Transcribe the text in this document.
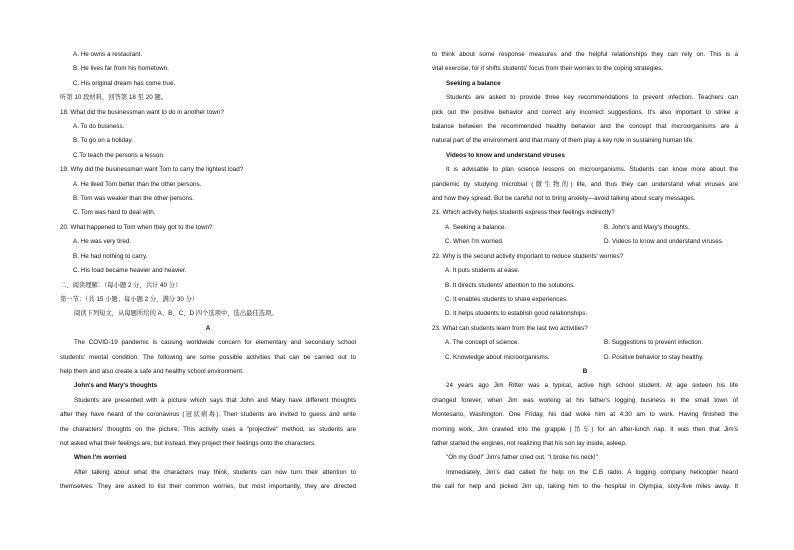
A. He owns a restaurant.
B. He lives far from his hometown.
C. His original dream has come true.
听第 10 段材料，回答第 18 至 20 题。
18. What did the businessman want to do in another town?
A. To do business.
B. To go on a holiday.
C.To teach the persons a lesson.
19. Why did the businessman want Tom to carry the lightest load?
A. He liked Tom better than the other persons.
B. Tom was weaker than the other persons.
C. Tom was hard to deal with.
20. What happened to Tom when they got to the town?
A. He was very tired.
B. He had nothing to carry.
C. His load became heavier and heavier.
二、阅读理解：（每小题 2 分，共计 40 分）
第一节：（共 15 小题；每小题 2 分，满分 30 分）
阅读下列短文，从每题所给的 A、B、C、D 四个选项中，选出最佳选项。
A
The COVID-19 pandemic is causing worldwide concern for elementary and secondary school
students' mental condition. The following are some possible activities that can be carried out to
help them and also create a safe and healthy school environment.
John's and Mary's thoughts
Students are presented with a picture which says that John and Mary have different thoughts
after they have heard of the coronavirus (冠状病毒). Then students are invited to guess and write
the characters' thoughts on the picture. This activity uses a "projective" method, as students are
not asked what their feelings are, but instead, they project their feelings onto the characters.
When I'm worried
After talking about what the characters may think, students can now turn their attention to
themselves. They are asked to list their common worries, but most importantly, they are directed
to think about some response measures and the helpful relationships they can rely on. This is a
vital exercise, for it shifts students' focus from their worries to the coping strategies.
Seeking a balance
Students are asked to provide three key recommendations to prevent infection. Teachers can
pick out the positive behavior and correct any incorrect suggestions. It's also important to strike a
balance between the recommended healthy behavior and the concept that microorganisms are a
natural part of the environment and that many of them play a key role in sustaining human life.
Videos to know and understand viruses
It is advisable to plan science lessons on microorganisms. Students can know more about the
pandemic by studying microbial (微生物的) life, and thus they can understand what viruses are
and how they spread. But be careful not to bring anxiety—avoid talking about scary messages.
21. Which activity helps students express their feelings indirectly?
A. Seeking a balance.	B. John's and Mary's thoughts.
C. When I'm worried.	D. Videos to know and understand viruses.
22. Why is the second activity important to reduce students' worries?
A. It puts students at ease.
B. It directs students' attention to the solutions.
C. It enables students to share experiences.
D. It helps students to establish good relationships.
23. What can students learn from the last two activities?
A. The concept of science.	B. Suggestions to prevent infection.
C. Knowledge about microorganisms.	D. Positive behavior to stay healthy.
B
24 years ago Jim Ritter was a typical, active high school student. At age sixteen his life
changed forever, when Jim was working at his father's logging business in the small town of
Montesano, Washington. One Friday, his dad woke him at 4:30 am to work. Having finished the
morning work, Jim crawled into the grapple (吊车) for an after-lunch nap. It was then that Jim's
father started the engines, not realizing that his son lay inside, asleep.
"Oh my God!" Jim's father cried out. "I broke his neck!"
Immediately, Jim's dad called for help on the C.B radio. A logging company helicopter heard
the call for help and picked Jim up, taking him to the hospital in Olympia, sixty-five miles away. It
